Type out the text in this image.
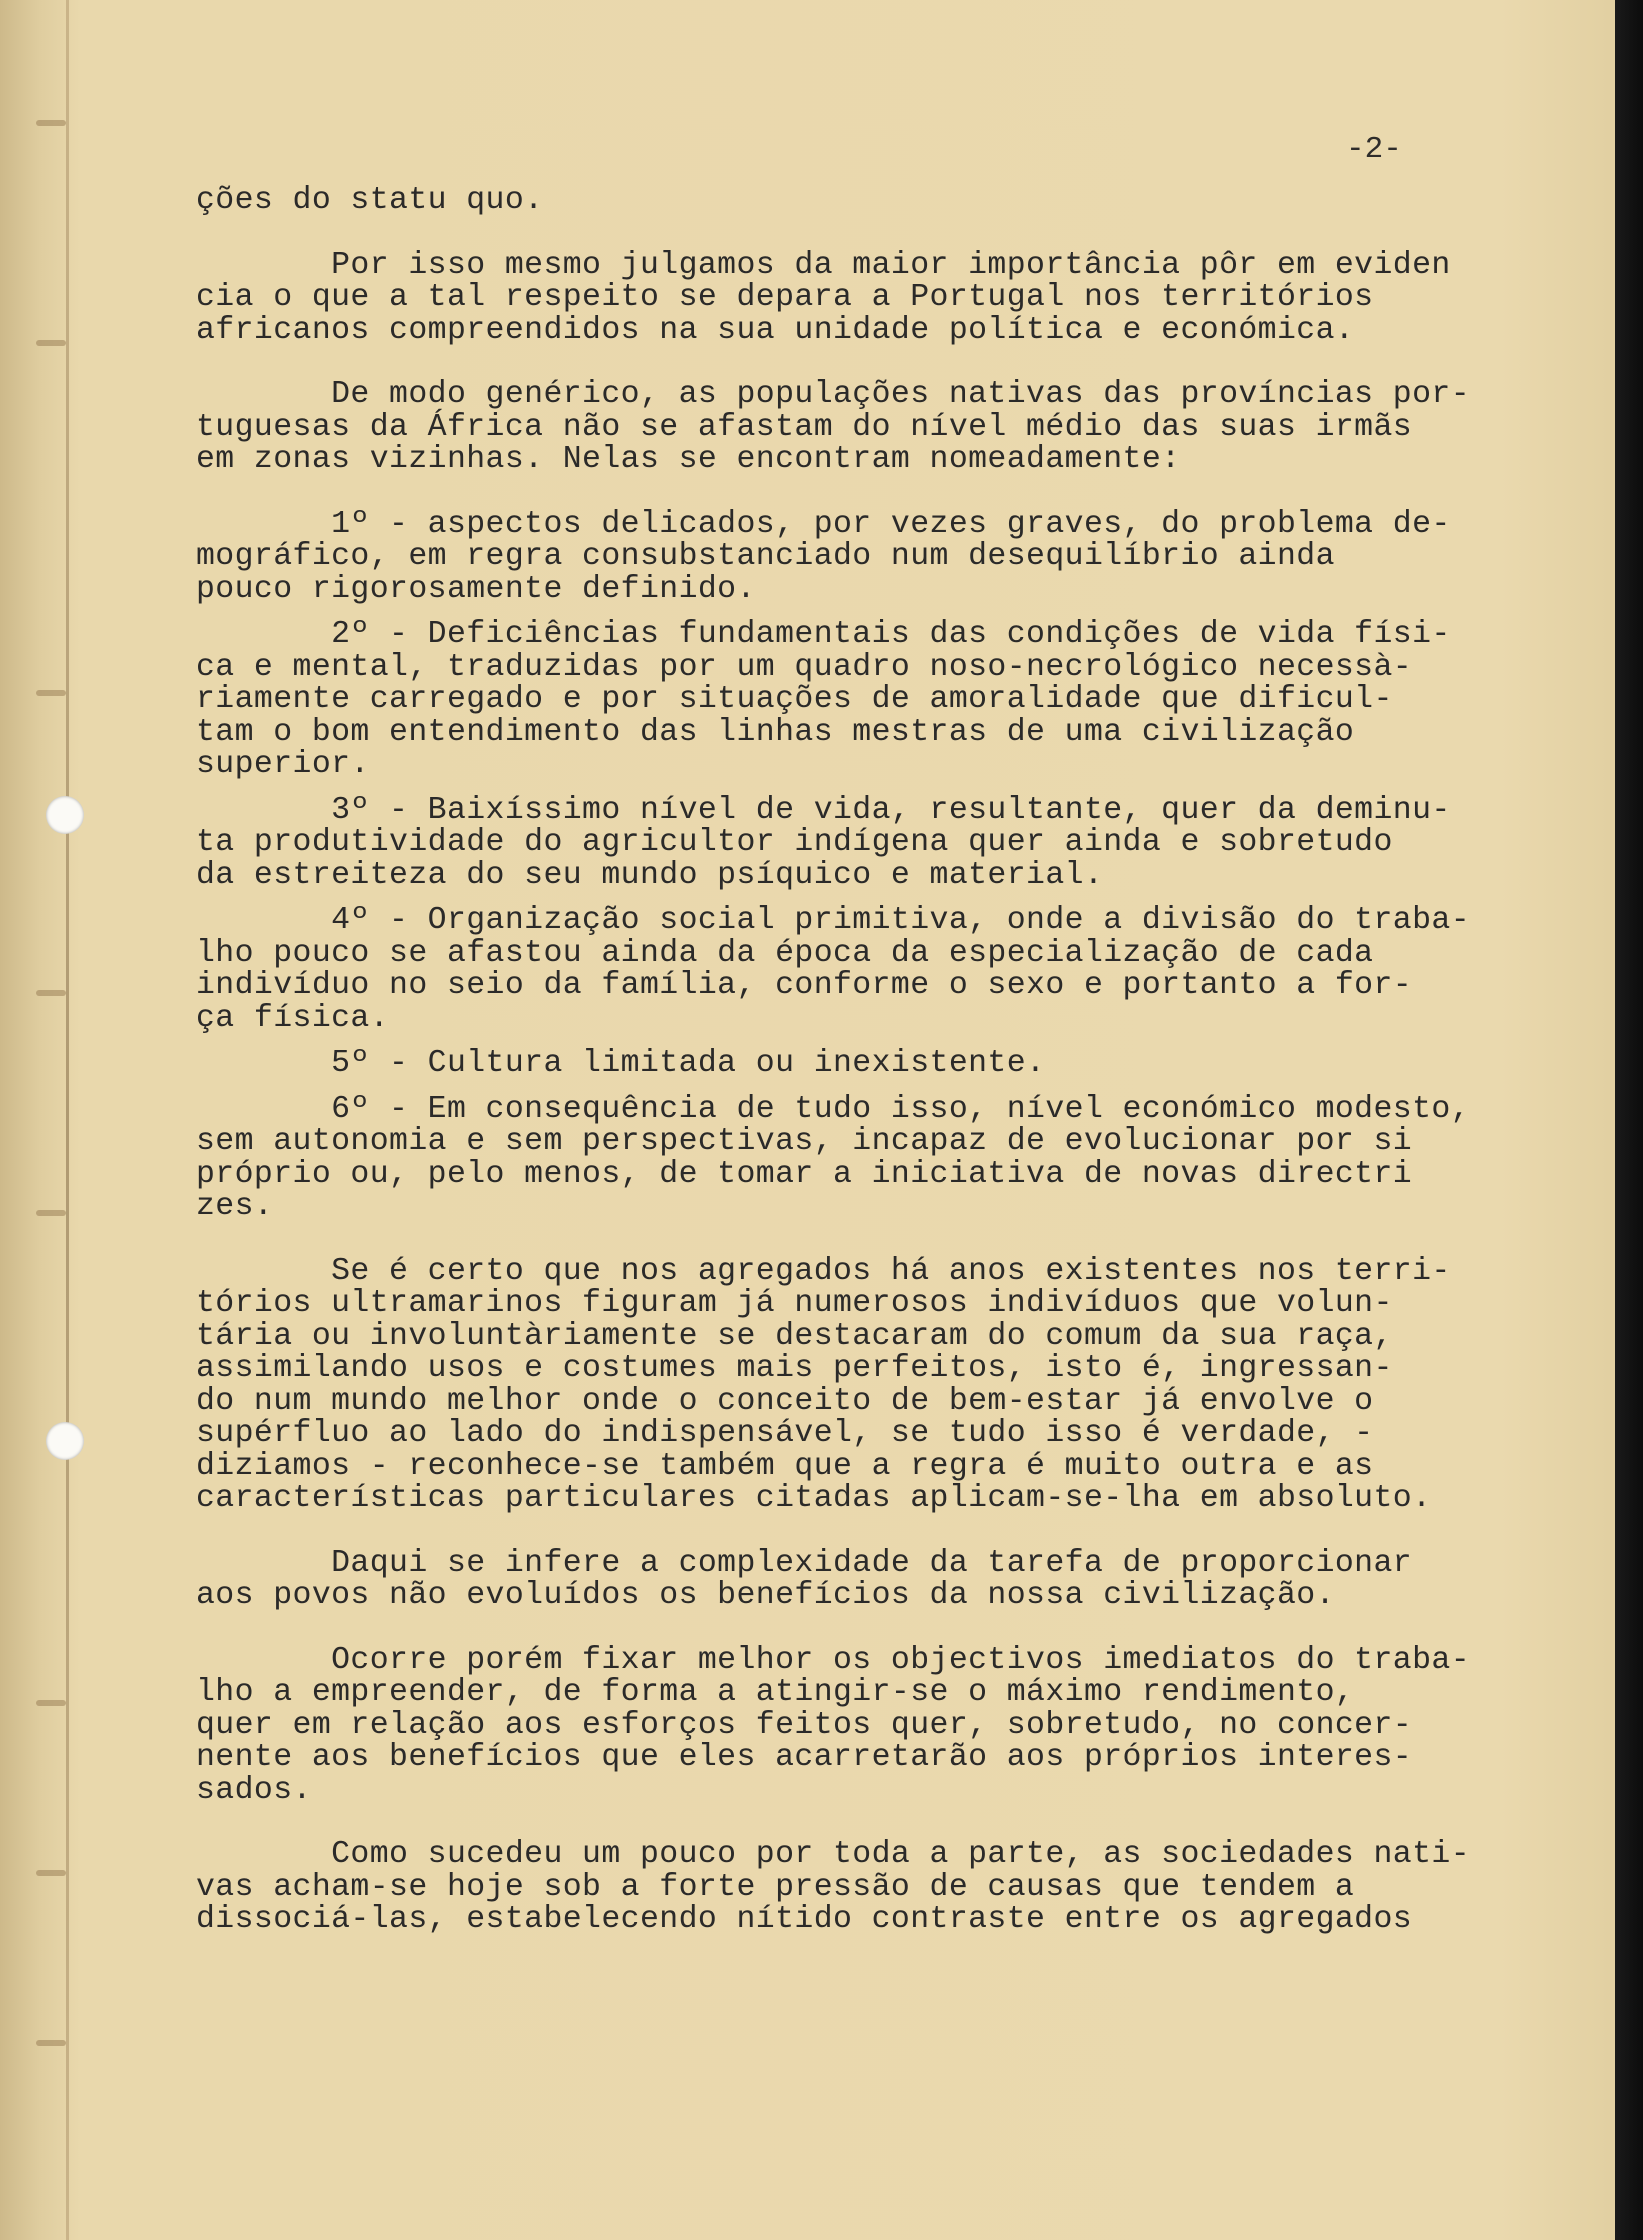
-2-

ções do statu quo.

Por isso mesmo julgamos da maior importância pôr em eviden
cia o que a tal respeito se depara a Portugal nos territórios
africanos compreendidos na sua unidade política e económica.

De modo genérico, as populações nativas das províncias por-
tuguesas da África não se afastam do nível médio das suas irmãs
em zonas vizinhas. Nelas se encontram nomeadamente:

1º - aspectos delicados, por vezes graves, do problema de-
mográfico, em regra consubstanciado num desequilíbrio ainda
pouco rigorosamente definido.

2º - Deficiências fundamentais das condições de vida físi-
ca e mental, traduzidas por um quadro noso-necrológico necessà-
riamente carregado e por situações de amoralidade que dificul-
tam o bom entendimento das linhas mestras de uma civilização
superior.

3º - Baixíssimo nível de vida, resultante, quer da deminu-
ta produtividade do agricultor indígena quer ainda e sobretudo
da estreiteza do seu mundo psíquico e material.

4º - Organização social primitiva, onde a divisão do traba-
lho pouco se afastou ainda da época da especialização de cada
indivíduo no seio da família, conforme o sexo e portanto a for-
ça física.

5º - Cultura limitada ou inexistente.

6º - Em consequência de tudo isso, nível económico modesto,
sem autonomia e sem perspectivas, incapaz de evolucionar por si
próprio ou, pelo menos, de tomar a iniciativa de novas directri
zes.

Se é certo que nos agregados há anos existentes nos terri-
tórios ultramarinos figuram já numerosos indivíduos que volun-
tária ou involuntàriamente se destacaram do comum da sua raça,
assimilando usos e costumes mais perfeitos, isto é, ingressan-
do num mundo melhor onde o conceito de bem-estar já envolve o
supérfluo ao lado do indispensável, se tudo isso é verdade, -
diziamos - reconhece-se também que a regra é muito outra e as
características particulares citadas aplicam-se-lha em absoluto.

Daqui se infere a complexidade da tarefa de proporcionar
aos povos não evoluídos os benefícios da nossa civilização.

Ocorre porém fixar melhor os objectivos imediatos do traba-
lho a empreender, de forma a atingir-se o máximo rendimento,
quer em relação aos esforços feitos quer, sobretudo, no concer-
nente aos benefícios que eles acarretarão aos próprios interes-
sados.

Como sucedeu um pouco por toda a parte, as sociedades nati-
vas acham-se hoje sob a forte pressão de causas que tendem a
dissociá-las, estabelecendo nítido contraste entre os agregados
